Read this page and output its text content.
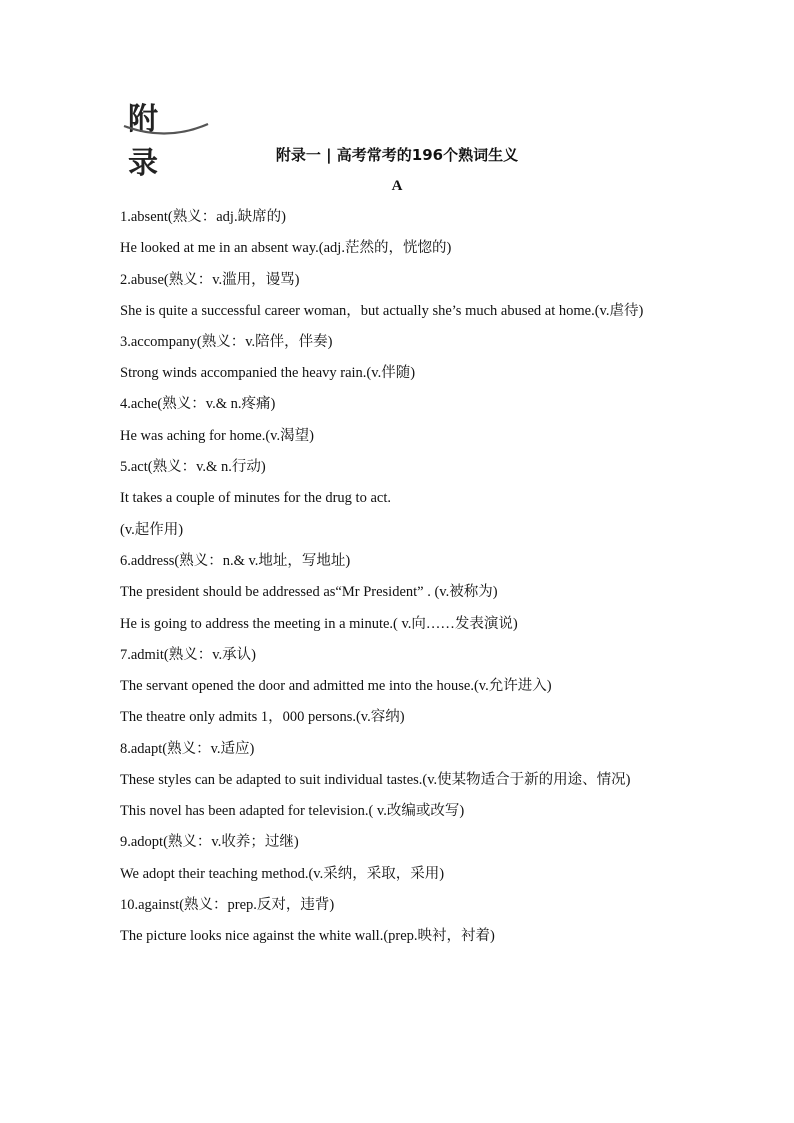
附录	附录一 | 高考常考的196个熟词生义
A
1.absent(熟义：adj.缺席的)
He looked at me in an absent way.(adj.茫然的，恍惚的)
2.abuse(熟义：v.滥用，谩骂)
She is quite a successful career woman，but actually she’s much abused at home.(v.虐待)
3.accompany(熟义：v.陪伴，伴奏)
Strong winds accompanied the heavy rain.(v.伴随)
4.ache(熟义：v.& n.疼痛)
He was aching for home.(v.渴望)
5.act(熟义：v.& n.行动)
It takes a couple of minutes for the drug to act.
(v.起作用)
6.address(熟义：n.& v.地址，写地址)
The president should be addressed as“Mr President” . (v.被称为)
He is going to address the meeting in a minute.( v.向……发表演说)
7.admit(熟义：v.承认)
The servant opened the door and admitted me into the house.(v.允许进入)
The theatre only admits 1，000 persons.(v.容纳)
8.adapt(熟义：v.适应)
These styles can be adapted to suit individual tastes.(v.使某物适合于新的用途、情况)
This novel has been adapted for television.( v.改编或改写)
9.adopt(熟义：v.收养；过继)
We adopt their teaching method.(v.采纳，采取，采用)
10.against(熟义：prep.反对，违背)
The picture looks nice against the white wall.(prep.映衬，衬着)
